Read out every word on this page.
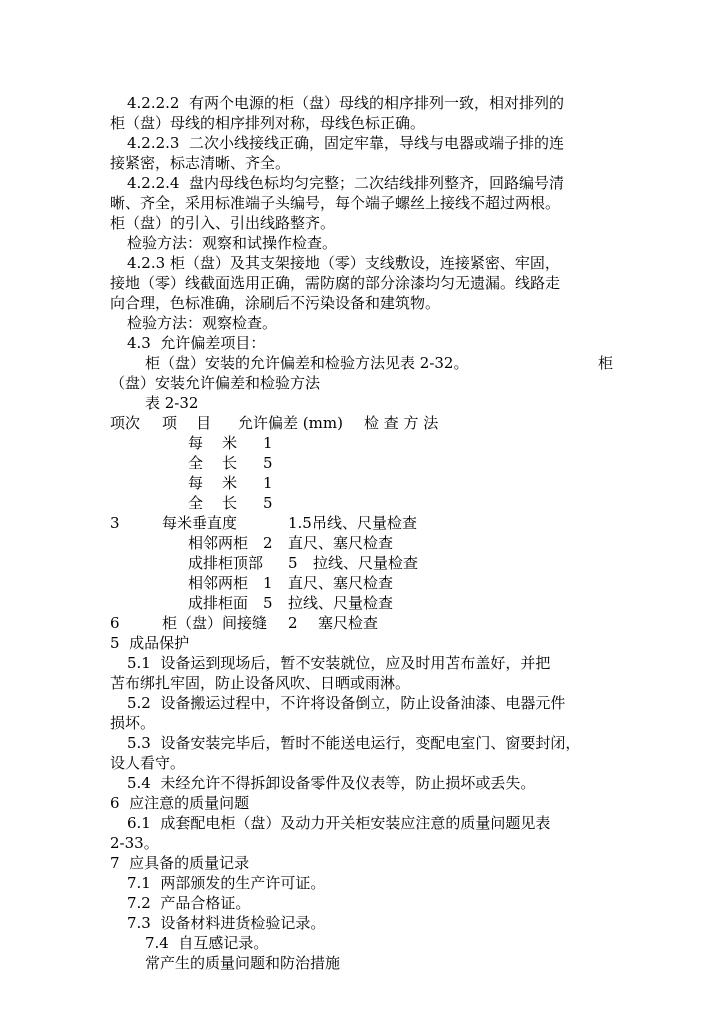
4.2.2.2  有两个电源的柜（盘）母线的相序排列一致，相对排列的
柜（盘）母线的相序排列对称，母线色标正确。
4.2.2.3  二次小线接线正确，固定牢靠，导线与电器或端子排的连
接紧密，标志清晰、齐全。
4.2.2.4  盘内母线色标均匀完整；二次结线排列整齐，回路编号清
晰、齐全，采用标准端子头编号，每个端子螺丝上接线不超过两根。
柜（盘）的引入、引出线路整齐。
检验方法：观察和试操作检查。
4.2.3 柜（盘）及其支架接地（零）支线敷设，连接紧密、牢固，
接地（零）线截面选用正确，需防腐的部分涂漆均匀无遗漏。线路走
向合理，色标准确，涂刷后不污染设备和建筑物。
检验方法：观察检查。
4.3  允许偏差项目：
柜（盘）安装的允许偏差和检验方法见表 2-32。	柜
（盘）安装允许偏差和检验方法
表 2-32
项次 项    目 允许偏差 (mm) 检 查 方 法
每    米 1
全    长 5
每    米 1
全    长 5
3	每米垂直度	1.5 吊线、尺量检查
相邻两柜 2 直尺、塞尺检查
成排柜顶部 5 拉线、尺量检查
相邻两柜 1 直尺、塞尺检查
成排柜面 5 拉线、尺量检查
6	柜（盘）间接缝 2 塞尺检查
5  成品保护
5.1  设备运到现场后，暂不安装就位，应及时用苫布盖好，并把
苫布绑扎牢固，防止设备风吹、日晒或雨淋。
5.2  设备搬运过程中，不许将设备倒立，防止设备油漆、电器元件
损坏。
5.3  设备安装完毕后，暂时不能送电运行，变配电室门、窗要封闭，
设人看守。
5.4  未经允许不得拆卸设备零件及仪表等，防止损坏或丢失。
6  应注意的质量问题
6.1  成套配电柜（盘）及动力开关柜安装应注意的质量问题见表
2-33。
7  应具备的质量记录
7.1  两部颁发的生产许可证。
7.2  产品合格证。
7.3  设备材料进货检验记录。
7.4  自互感记录。
常产生的质量问题和防治措施
